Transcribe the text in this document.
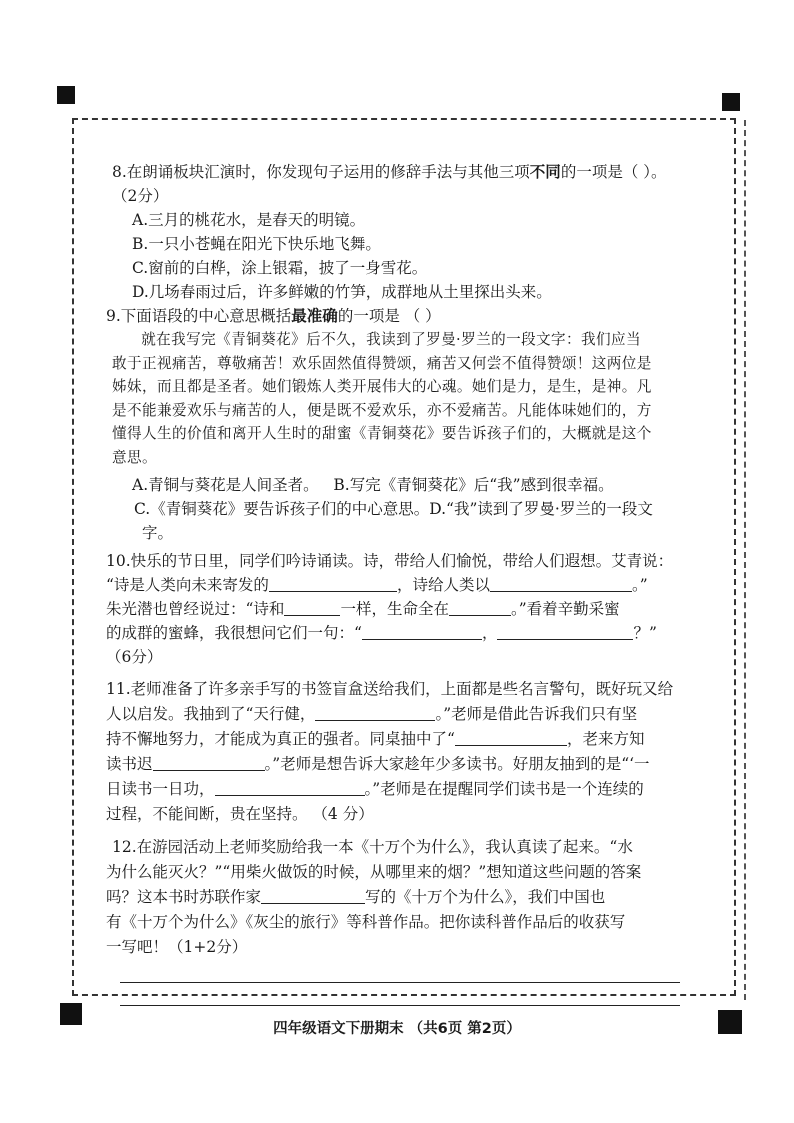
8.在朗诵板块汇演时，你发现句子运用的修辞手法与其他三项不同的一项是（ ）。

（2分）

A.三月的桃花水，是春天的明镜。

B.一只小苍蝇在阳光下快乐地飞舞。

C.窗前的白桦，涂上银霜，披了一身雪花。

D.几场春雨过后，许多鲜嫩的竹笋，成群地从土里探出头来。

9.下面语段的中心意思概括最准确的一项是 （ ）

就在我写完《青铜葵花》后不久，我读到了罗曼·罗兰的一段文字：我们应当
敢于正视痛苦，尊敬痛苦！欢乐固然值得赞颂，痛苦又何尝不值得赞颂！这两位是
姊妹，而且都是圣者。她们锻炼人类开展伟大的心魂。她们是力，是生，是神。凡
是不能兼爱欢乐与痛苦的人，便是既不爱欢乐，亦不爱痛苦。凡能体味她们的，方
懂得人生的价值和离开人生时的甜蜜《青铜葵花》要告诉孩子们的，大概就是这个
意思。

A.青铜与葵花是人间圣者。 B.写完《青铜葵花》后“我”感到很幸福。

C.《青铜葵花》要告诉孩子们的中心意思。D.“我”读到了罗曼·罗兰的一段文

字。

10.快乐的节日里，同学们吟诗诵读。诗，带给人们愉悦，带给人们遐想。艾青说：

“诗是人类向未来寄发的	，诗给人类以	。”

朱光潜也曾经说过：“诗和	一样，生命全在	。”看着辛勤采蜜

的成群的蜜蜂，我很想问它们一句：“	，	？”

（6分）

11.老师准备了许多亲手写的书签盲盒送给我们，上面都是些名言警句，既好玩又给

人以启发。我抽到了“天行健，	。”老师是借此告诉我们只有坚

持不懈地努力，才能成为真正的强者。同桌抽中了“	，老来方知

读书迟	。”老师是想告诉大家趁年少多读书。好朋友抽到的是“‘一

日读书一日功，	。”老师是在提醒同学们读书是一个连续的

过程，不能间断，贵在坚持。 （4 分）

12.在游园活动上老师奖励给我一本《十万个为什么》，我认真读了起来。“水

为什么能灭火？”“用柴火做饭的时候，从哪里来的烟？”想知道这些问题的答案

吗？这本书时苏联作家	写的《十万个为什么》，我们中国也

有《十万个为什么》《灰尘的旅行》等科普作品。把你读科普作品后的收获写

一写吧！（1+2分）

四年级语文下册期末 （共6页 第2页）
